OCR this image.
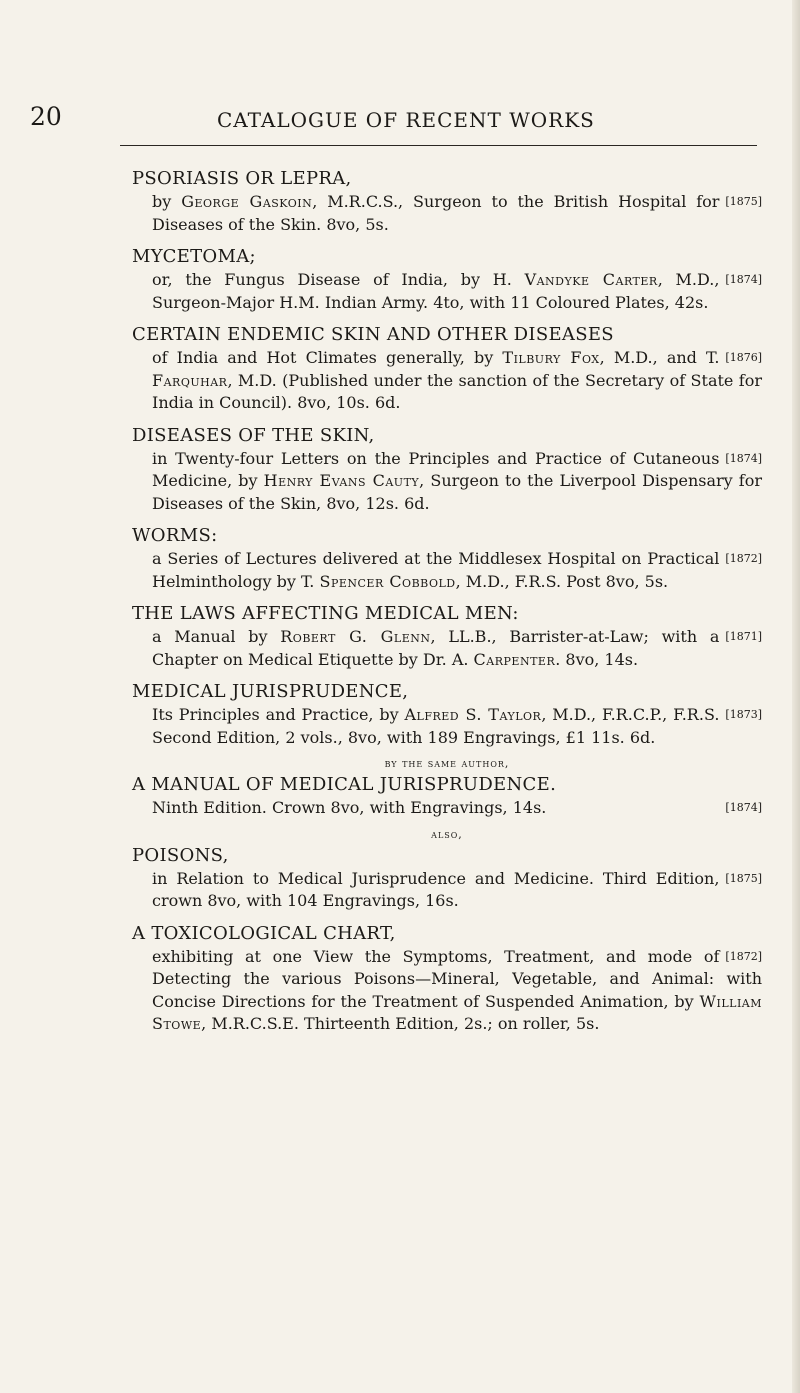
20	CATALOGUE OF RECENT WORKS
PSORIASIS OR LEPRA,
[1875]
by George Gaskoin, M.R.C.S., Surgeon to the British Hospital for Diseases of the Skin. 8vo, 5s.
MYCETOMA;
[1874]
or, the Fungus Disease of India, by H. Vandyke Carter, M.D., Surgeon-Major H.M. Indian Army. 4to, with 11 Coloured Plates, 42s.
CERTAIN ENDEMIC SKIN AND OTHER DISEASES
[1876]
of India and Hot Climates generally, by Tilbury Fox, M.D., and T. Farquhar, M.D. (Published under the sanction of the Secretary of State for India in Council). 8vo, 10s. 6d.
DISEASES OF THE SKIN,
[1874]
in Twenty-four Letters on the Principles and Practice of Cutaneous Medicine, by Henry Evans Cauty, Surgeon to the Liverpool Dispensary for Diseases of the Skin, 8vo, 12s. 6d.
WORMS:
[1872]
a Series of Lectures delivered at the Middlesex Hospital on Practical Helminthology by T. Spencer Cobbold, M.D., F.R.S. Post 8vo, 5s.
THE LAWS AFFECTING MEDICAL MEN:
[1871]
a Manual by Robert G. Glenn, LL.B., Barrister-at-Law; with a Chapter on Medical Etiquette by Dr. A. Carpenter. 8vo, 14s.
MEDICAL JURISPRUDENCE,
[1873]
Its Principles and Practice, by Alfred S. Taylor, M.D., F.R.C.P., F.R.S. Second Edition, 2 vols., 8vo, with 189 Engravings, £1 11s. 6d.
by the same author,
A MANUAL OF MEDICAL JURISPRUDENCE.
[1874]
Ninth Edition. Crown 8vo, with Engravings, 14s.
also,
POISONS,
[1875]
in Relation to Medical Jurisprudence and Medicine. Third Edition, crown 8vo, with 104 Engravings, 16s.
A TOXICOLOGICAL CHART,
[1872]
exhibiting at one View the Symptoms, Treatment, and mode of Detecting the various Poisons—Mineral, Vegetable, and Animal: with Concise Directions for the Treatment of Suspended Animation, by William Stowe, M.R.C.S.E. Thirteenth Edition, 2s.; on roller, 5s.
